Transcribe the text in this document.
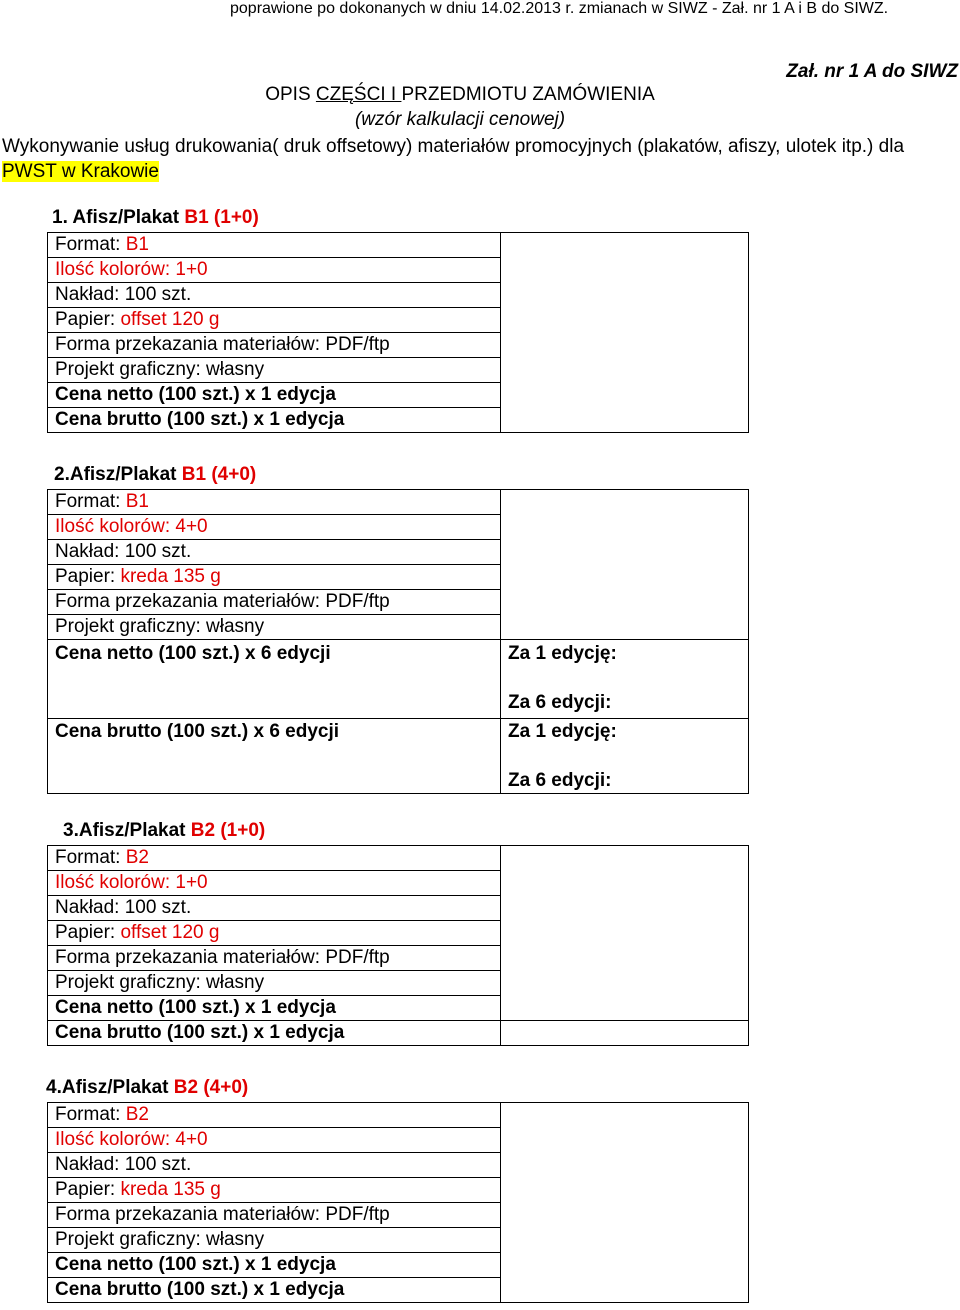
poprawione po dokonanych w dniu 14.02.2013 r. zmianach w SIWZ - Zał. nr 1 A i B do SIWZ.
Zał. nr 1 A do SIWZ
OPIS CZĘŚCI I PRZEDMIOTU ZAMÓWIENIA
(wzór kalkulacji cenowej)
Wykonywanie usług drukowania( druk offsetowy) materiałów promocyjnych (plakatów, afiszy, ulotek itp.) dla PWST w Krakowie
1. Afisz/Plakat B1 (1+0)
Format: B1	
Ilość kolorów: 1+0
Nakład: 100 szt.
Papier: offset 120 g
Forma przekazania materiałów: PDF/ftp
Projekt graficzny: własny
Cena netto (100 szt.) x 1 edycja
Cena brutto (100 szt.) x 1 edycja
2.Afisz/Plakat B1 (4+0)
Format: B1	
Ilość kolorów: 4+0	
Nakład: 100 szt.	
Papier: kreda 135 g	
Forma przekazania materiałów: PDF/ftp	
Projekt graficzny: własny	
Cena netto (100 szt.) x 6 edycji	Za 1 edycję:
Za 6 edycji:

Cena brutto (100 szt.) x 6 edycji	Za 1 edycję:
Za 6 edycji:
3.Afisz/Plakat B2 (1+0)
Format: B2	
Ilość kolorów: 1+0	
Nakład: 100 szt.	
Papier: offset 120 g	
Forma przekazania materiałów: PDF/ftp	
Projekt graficzny: własny	
Cena netto (100 szt.) x 1 edycja	
Cena brutto (100 szt.) x 1 edycja	
4.Afisz/Plakat B2 (4+0)
Format: B2	
Ilość kolorów: 4+0
Nakład: 100 szt.
Papier: kreda 135 g
Forma przekazania materiałów: PDF/ftp
Projekt graficzny: własny
Cena netto (100 szt.) x 1 edycja
Cena brutto (100 szt.) x 1 edycja
